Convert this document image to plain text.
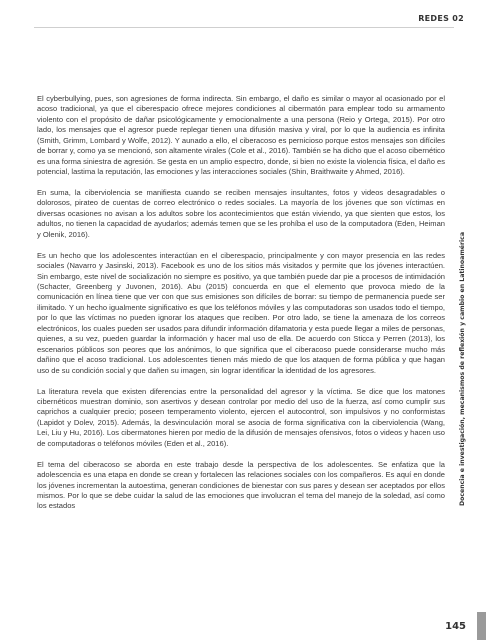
REDES 02

El cyberbullying, pues, son agresiones de forma indirecta. Sin embargo, el daño es similar o mayor al ocasionado por el acoso tradicional, ya que el ciberespacio ofrece mejores condiciones al cibermatón para emplear todo su armamento violento con el propósito de dañar psicológicamente y emocionalmente a una persona (Reio y Ortega, 2015). Por otro lado, los mensajes que el agresor puede replegar tienen una difusión masiva y viral, por lo que la audiencia es infinita (Smith, Grimm, Lombard y Wolfe, 2012). Y aunado a ello, el ciberacoso es pernicioso porque estos mensajes son difíciles de borrar y, como ya se mencionó, son altamente virales (Cole et al., 2016). También se ha dicho que el acoso cibernético es una forma siniestra de agresión. Se gesta en un amplio espectro, donde, si bien no existe la violencia física, el daño es potencial, lastima la reputación, las emociones y las interacciones sociales (Shin, Braithwaite y Ahmed, 2016).

En suma, la ciberviolencia se manifiesta cuando se reciben mensajes insultantes, fotos y videos desagradables o dolorosos, pirateo de cuentas de correo electrónico o redes sociales. La mayoría de los jóvenes que son víctimas en diversas ocasiones no avisan a los adultos sobre los acontecimientos que están viviendo, ya que sienten que estos, los adultos, no tienen la capacidad de ayudarlos; además temen que se les prohíba el uso de la computadora (Eden, Heiman y Olenik, 2016).

Es un hecho que los adolescentes interactúan en el ciberespacio, principalmente y con mayor presencia en las redes sociales (Navarro y Jasinski, 2013). Facebook es uno de los sitios más visitados y permite que los jóvenes interactúen. Sin embargo, este nivel de socialización no siempre es positivo, ya que también puede dar pie a procesos de intimidación (Schacter, Greenberg y Juvonen, 2016). Abu (2015) concuerda en que el elemento que provoca miedo de la comunicación en línea tiene que ver con que sus emisiones son difíciles de borrar: su tiempo de permanencia puede ser ilimitado. Y un hecho igualmente significativo es que los teléfonos móviles y las computadoras son usados todo el tiempo, por lo que las víctimas no pueden ignorar los ataques que reciben. Por otro lado, se tiene la amenaza de los correos electrónicos, los cuales pueden ser usados para difundir información difamatoria y esta puede llegar a miles de personas, quienes, a su vez, pueden guardar la información y hacer mal uso de ella. De acuerdo con Sticca y Perren (2013), los escenarios públicos son peores que los anónimos, lo que significa que el ciberacoso puede considerarse mucho más dañino que el acoso tradicional. Los adolescentes tienen más miedo de que los ataquen de forma pública y que hagan uso de su condición social y que dañen su imagen, sin lograr identificar la identidad de los agresores.

La literatura revela que existen diferencias entre la personalidad del agresor y la víctima. Se dice que los matones cibernéticos muestran dominio, son asertivos y desean controlar por medio del uso de la fuerza, así como cumplir sus caprichos a cualquier precio; poseen temperamento violento, ejercen el autocontrol, son impulsivos y no conformistas (Lapidot y Dolev, 2015). Además, la desvinculación moral se asocia de forma significativa con la ciberviolencia (Wang, Lei, Liu y Hu, 2016). Los cibermatones hieren por medio de la difusión de mensajes ofensivos, fotos o videos y hacen uso de computadoras o teléfonos móviles (Eden et al., 2016).

El tema del ciberacoso se aborda en este trabajo desde la perspectiva de los adolescentes. Se enfatiza que la adolescencia es una etapa en donde se crean y fortalecen las relaciones sociales con los compañeros. Es aquí en donde los jóvenes incrementan la autoestima, generan condiciones de bienestar con sus pares y desean ser aceptados por ellos mismos. Por lo que se debe cuidar la salud de las emociones que involucran el tema del manejo de la soledad, así como los estados	Docencia e investigación, mecanismos de reflexión y cambio en Latinoamérica
145
